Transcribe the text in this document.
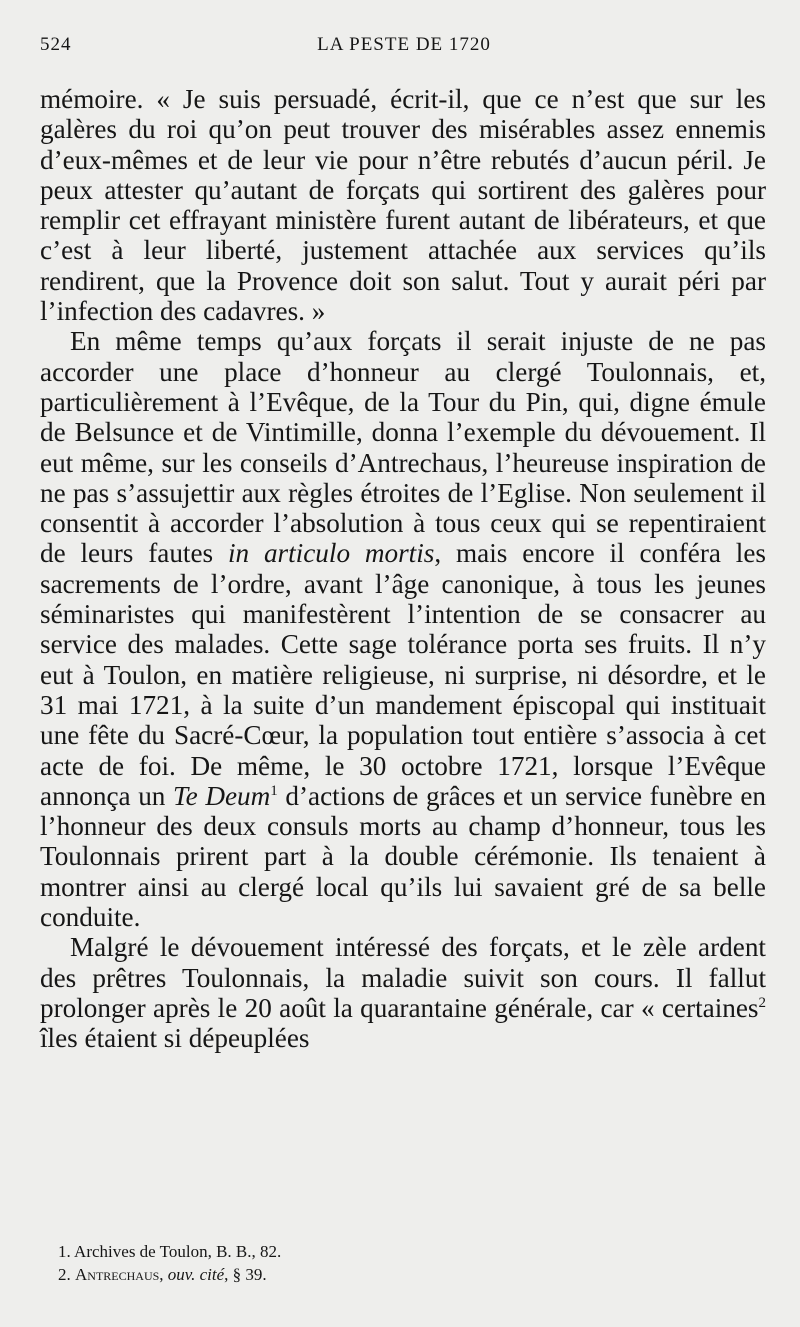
524	LA PESTE DE 1720

mémoire. « Je suis persuadé, écrit-il, que ce n’est que sur les galères du roi qu’on peut trouver des misérables assez ennemis d’eux-mêmes et de leur vie pour n’être rebutés d’aucun péril. Je peux attester qu’autant de forçats qui sortirent des galères pour remplir cet effrayant ministère furent autant de libérateurs, et que c’est à leur liberté, justement attachée aux services qu’ils rendirent, que la Provence doit son salut. Tout y aurait péri par l’infection des cadavres. »

En même temps qu’aux forçats il serait injuste de ne pas accorder une place d’honneur au clergé Toulonnais, et, particulièrement à l’Evêque, de la Tour du Pin, qui, digne émule de Belsunce et de Vintimille, donna l’exemple du dévouement. Il eut même, sur les conseils d’Antrechaus, l’heureuse inspiration de ne pas s’assujettir aux règles étroites de l’Eglise. Non seulement il consentit à accorder l’absolution à tous ceux qui se repentiraient de leurs fautes in articulo mortis, mais encore il conféra les sacrements de l’ordre, avant l’âge canonique, à tous les jeunes séminaristes qui manifestèrent l’intention de se consacrer au service des malades. Cette sage tolérance porta ses fruits. Il n’y eut à Toulon, en matière religieuse, ni surprise, ni désordre, et le 31 mai 1721, à la suite d’un mandement épiscopal qui instituait une fête du Sacré-Cœur, la population tout entière s’associa à cet acte de foi. De même, le 30 octobre 1721, lorsque l’Evêque annonça un Te Deum$^1$ d’actions de grâces et un service funèbre en l’honneur des deux consuls morts au champ d’honneur, tous les Toulonnais prirent part à la double cérémonie. Ils tenaient à montrer ainsi au clergé local qu’ils lui savaient gré de sa belle conduite.

Malgré le dévouement intéressé des forçats, et le zèle ardent des prêtres Toulonnais, la maladie suivit son cours. Il fallut prolonger après le 20 août la quarantaine générale, car « certaines$^2$ îles étaient si dépeuplées

1. Archives de Toulon, B. B., 82.

2. Antrechaus, ouv. cité, § 39.
